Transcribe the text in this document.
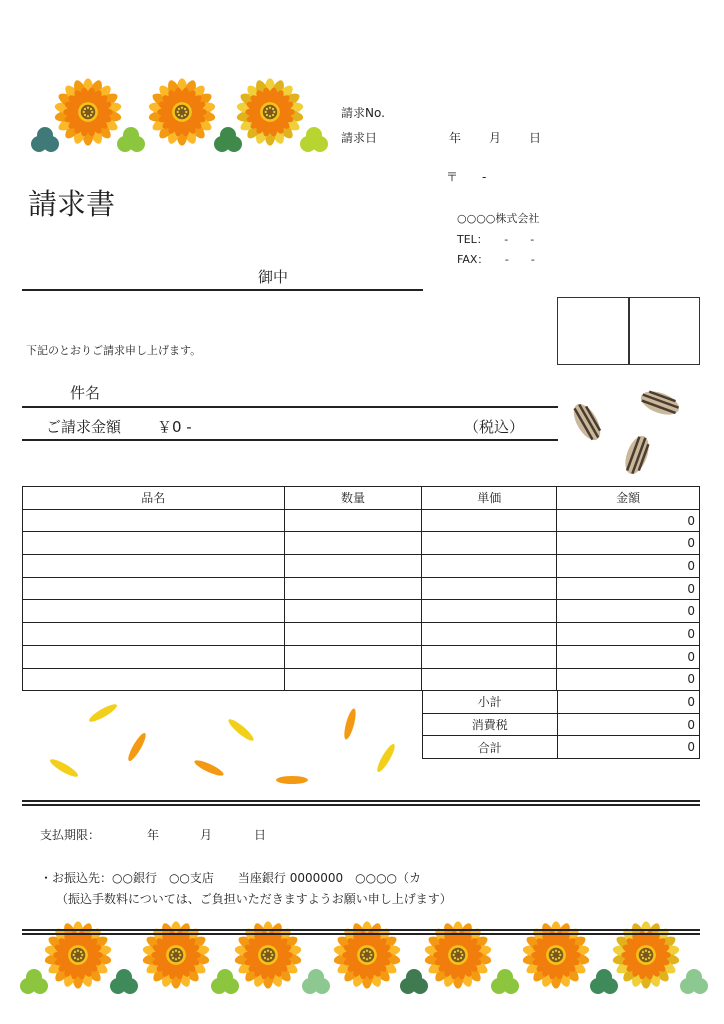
請求No.
請求日	年 月 日
〒　　-
○○○○株式会社
TEL：　　-　　-
FAX：　　-　　-
請求書
御中
下記のとおりご請求申し上げます。
件名
ご請求金額 ￥0 -	（税込）
品名	数量	単価	金額
			0
			0
			0
			0
			0
			0
			0
			0
小計	0
消費税	0
合計	0
支払期限：	年	月	日
・お振込先：○○銀行　○○支店　　当座銀行 0000000　○○○○（カ
（振込手数料については、ご負担いただきますようお願い申し上げます）
